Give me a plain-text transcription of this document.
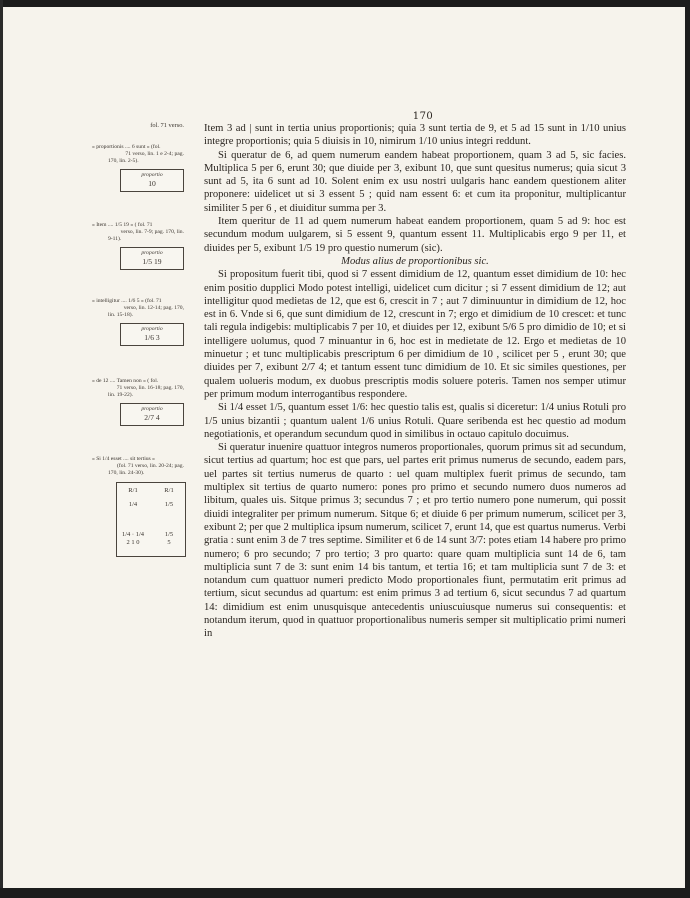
170
fol. 71 verso.
« proportionis .... 6 sunt » (fol.
71 verso, lin. 1 e 2-4; pag.
170, lin. 2-5).
proportio
10
« Item .... 1/5 19 » ( fol. 71
verso, lin. 7-9; pag. 170, lin.
9-11).
proportio
1/5 19
« intelligitur .... 1/6 5 » (fol. 71
verso, lin. 12-14; pag. 170,
lin. 15-18).
proportio
1/6 3
« de 12 .... Tamen non » ( fol.
71 verso, lin. 16-18; pag. 170,
lin. 19-22).
proportio
2/7 4
« Si 1/4 esset .... sit tertius »
(fol. 71 verso, lin. 20-24; pag.
170, lin. 24-30).
R/1	R/1
1/4	1/5
1/4 · 1/4
2 1 0
1/5
5

Item 3 ad | sunt in tertia unius proportionis; quia 3 sunt tertia de 9, et 5 ad 15 sunt in 1/10 unius integre proportionis; quia 5 diuisis in 10, nimirum 1/10 unius integri reddunt.

Si queratur de 6, ad quem numerum eandem habeat proportionem, quam 3 ad 5, sic facies. Multiplica 5 per 6, erunt 30; que diuide per 3, exibunt 10, que sunt quesitus numerus; quia sicut 3 sunt ad 5, ita 6 sunt ad 10. Solent enim ex usu nostri uulgaris hanc eandem questionem aliter proponere: uidelicet ut si 3 essent 5 ; quid nam essent 6: et cum ita proponitur, multiplicantur similiter 5 per 6 , et diuiditur summa per 3.

Item queritur de 11 ad quem numerum habeat eandem proportionem, quam 5 ad 9: hoc est secundum modum uulgarem, si 5 essent 9, quantum essent 11. Multiplicabis ergo 9 per 11, et diuides per 5, exibunt 1/5 19 pro questio numerum (sic).

Modus alius de proportionibus sic.

Si propositum fuerit tibi, quod si 7 essent dimidium de 12, quantum esset dimidium de 10: hec enim positio dupplici Modo potest intelligi, uidelicet cum dicitur ; si 7 essent dimidium de 12; aut intelligitur quod medietas de 12, que est 6, crescit in 7 ; aut 7 diminuuntur in dimidium de 12, hoc est in 6. Vnde si 6, que sunt dimidium de 12, crescunt in 7; ergo et dimidium de 10 crescet: et tunc tali regula indigebis: multiplicabis 7 per 10, et diuides per 12, exibunt 5/6 5 pro dimidio de 10; et si intelligere uolumus, quod 7 minuantur in 6, hoc est in medietate de 12. Ergo et medietas de 10 minuetur ; et tunc multiplicabis prescriptum 6 per dimidium de 10 , scilicet per 5 , erunt 30; que diuides per 7, exibunt 2/7 4; et tantum essent tunc dimidium de 10. Et sic similes questiones, per qualem uolueris modum, ex duobus prescriptis modis soluere poteris. Tamen nos semper utimur per primum modum interrogantibus respondere.

Si 1/4 esset 1/5, quantum esset 1/6: hec questio talis est, qualis si diceretur: 1/4 unius Rotuli pro 1/5 unius bizantii ; quantum ualent 1/6 unius Rotuli. Quare seribenda est hec questio ad modum negotiationis, et operandum secundum quod in similibus in octauo capitulo docuimus.

Si queratur inuenire quattuor integros numeros proportionales, quorum primus sit ad secundum, sicut tertius ad quartum; hoc est que pars, uel partes erit primus numerus de secundo, eadem pars, uel partes sit tertius numerus de quarto : uel quam multiplex fuerit primus de secundo, tam multiplex sit tertius de quarto numero: pones pro primo et secundo numero duos numeros ad libitum, quales uis. Sitque primus 3; secundus 7 ; et pro tertio numero pone numerum, qui possit diuidi integraliter per primum numerum. Sitque 6; et diuide 6 per primum numerum, scilicet per 3, exibunt 2; per que 2 multiplica ipsum numerum, scilicet 7, erunt 14, que est quartus numerus. Verbi gratia : sunt enim 3 de 7 tres septime. Similiter et 6 de 14 sunt 3/7: potes etiam 14 habere pro primo numero; 6 pro secundo; 7 pro tertio; 3 pro quarto: quare quam multiplicia sunt 14 de 6, tam multiplicia sunt 7 de 3: sunt enim 14 bis tantum, et tertia 16; et tam multiplicia sunt 7 de 3: et notandum cum quattuor numeri predicto Modo proportionales fiunt, permutatim erit primus ad tertium, sicut secundus ad quartum: est enim primus 3 ad tertium 6, sicut secundus 7 ad quartum 14: dimidium est enim unusquisque antecedentis uniuscuiusque numerus sui consequentis: et notandum iterum, quod in quattuor proportionalibus numeris semper sit multiplicatio primi numeri in
